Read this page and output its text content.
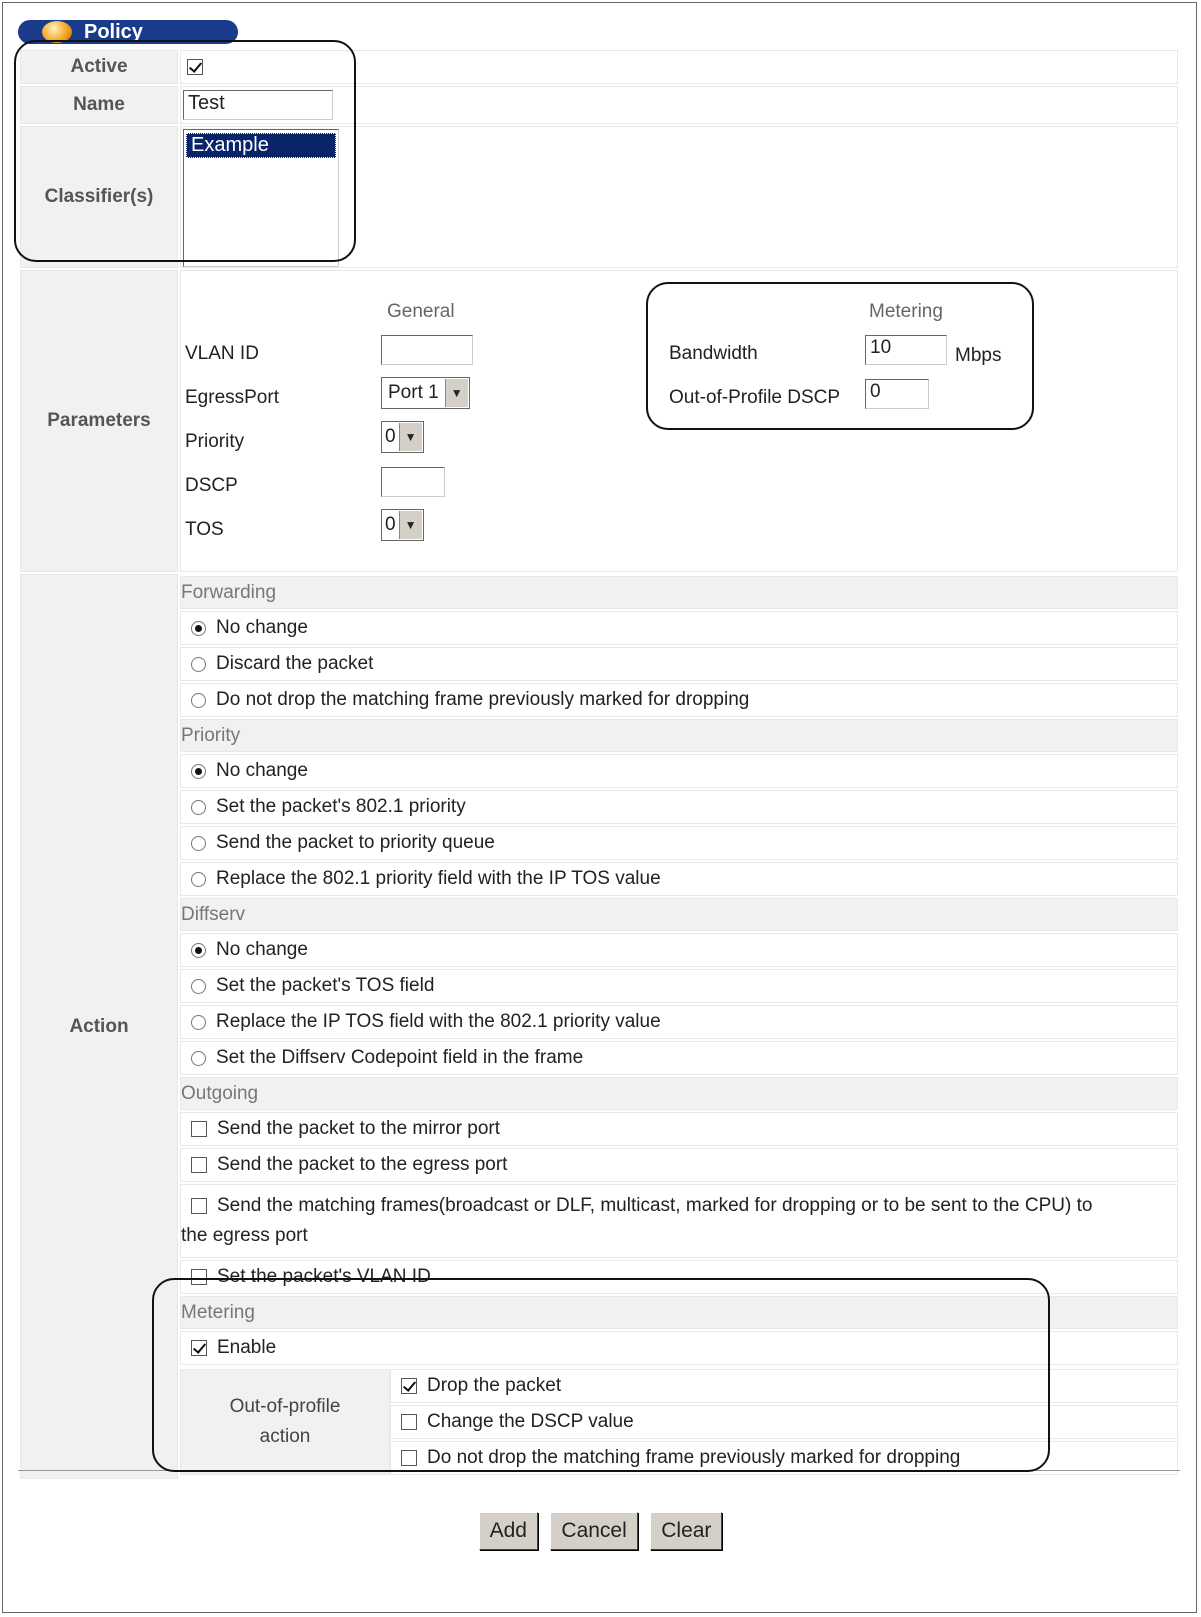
Policy
Active	
Name	Test
Classifier(s)	
Example

Parameters	
General
VLAN ID
EgressPort	Port 1	▼
Priority	0 ▼
DSCP
TOS	0 ▼
Metering
Bandwidth	10	Mbps
Out-of-Profile DSCP 0

Action	
Forwarding

No change

Discard the packet

Do not drop the matching frame previously marked for dropping

Priority

No change

Set the packet's 802.1 priority

Send the packet to priority queue

Replace the 802.1 priority field with the IP TOS value

Diffserv

No change

Set the packet's TOS field

Replace the IP TOS field with the 802.1 priority value

Set the Diffserv Codepoint field in the frame

Outgoing

Send the packet to the mirror port

Send the packet to the egress port

Send the matching frames(broadcast or DLF, multicast, marked for dropping or to be sent to the CPU) to
the egress port

Set the packet's VLAN ID

Metering

Enable

Out-of-profile
action	
Drop the packet

Change the DSCP value

Do not drop the matching frame previously marked for dropping
Add Cancel Clear
